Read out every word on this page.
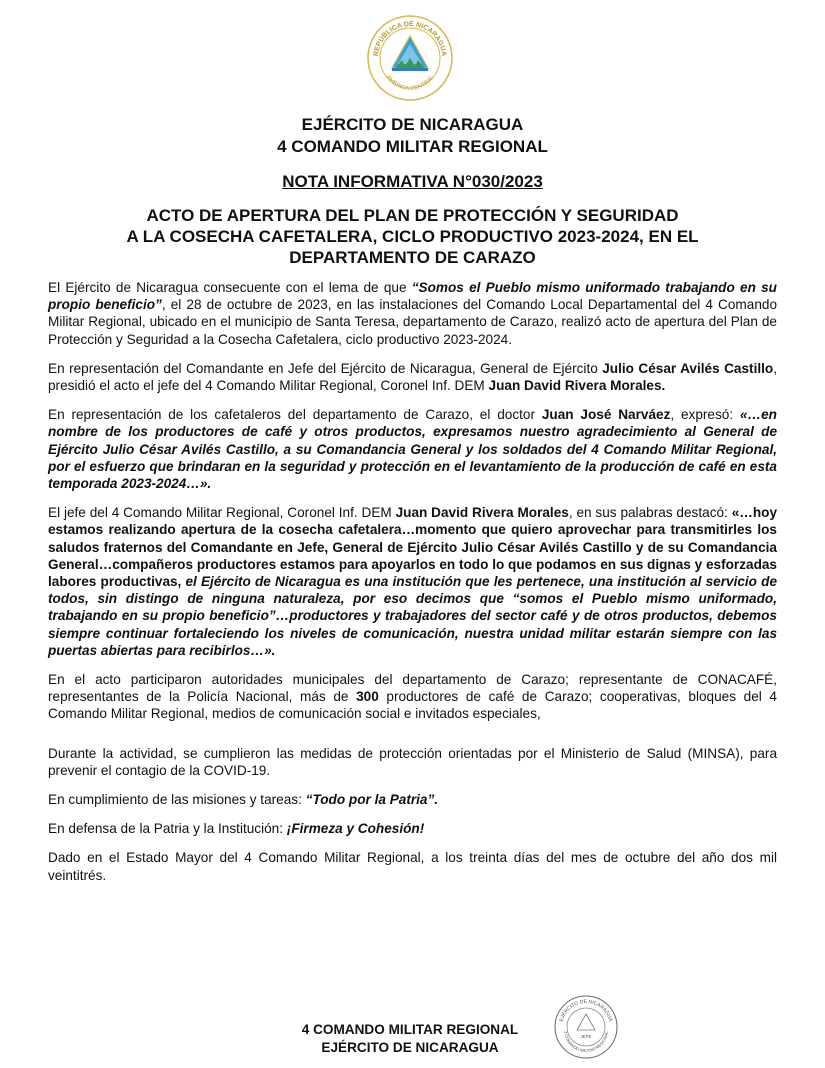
REPÚBLICA DE NICARAGUA
AMÉRICA CENTRAL
EJÉRCITO DE NICARAGUA
4 COMANDO MILITAR REGIONAL
NOTA INFORMATIVA N°030/2023
ACTO DE APERTURA DEL PLAN DE PROTECCIÓN Y SEGURIDAD
A LA COSECHA CAFETALERA, CICLO PRODUCTIVO 2023-2024, EN EL
DEPARTAMENTO DE CARAZO

El Ejército de Nicaragua consecuente con el lema de que “Somos el Pueblo mismo uniformado trabajando en su propio beneficio”, el 28 de octubre de 2023, en las instalaciones del Comando Local Departamental del 4 Comando Militar Regional, ubicado en el municipio de Santa Teresa, departamento de Carazo, realizó acto de apertura del Plan de Protección y Seguridad a la Cosecha Cafetalera, ciclo productivo 2023-2024.

En representación del Comandante en Jefe del Ejército de Nicaragua, General de Ejército Julio César Avilés Castillo, presidió el acto el jefe del 4 Comando Militar Regional, Coronel Inf. DEM Juan David Rivera Morales.

En representación de los cafetaleros del departamento de Carazo, el doctor Juan José Narváez, expresó: «…en nombre de los productores de café y otros productos, expresamos nuestro agradecimiento al General de Ejército Julio César Avilés Castillo, a su Comandancia General y los soldados del 4 Comando Militar Regional, por el esfuerzo que brindaran en la seguridad y protección en el levantamiento de la producción de café en esta temporada 2023-2024…».

El jefe del 4 Comando Militar Regional, Coronel Inf. DEM Juan David Rivera Morales, en sus palabras destacó: «…hoy estamos realizando apertura de la cosecha cafetalera…momento que quiero aprovechar para transmitirles los saludos fraternos del Comandante en Jefe, General de Ejército Julio César Avilés Castillo y de su Comandancia General…compañeros productores estamos para apoyarlos en todo lo que podamos en sus dignas y esforzadas labores productivas, el Ejército de Nicaragua es una institución que les pertenece, una institución al servicio de todos, sin distingo de ninguna naturaleza, por eso decimos que “somos el Pueblo mismo uniformado, trabajando en su propio beneficio”…productores y trabajadores del sector café y de otros productos, debemos siempre continuar fortaleciendo los niveles de comunicación, nuestra unidad militar estarán siempre con las puertas abiertas para recibirlos…».

En el acto participaron autoridades municipales del departamento de Carazo; representante de CONACAFÉ, representantes de la Policía Nacional, más de 300 productores de café de Carazo; cooperativas, bloques del 4 Comando Militar Regional, medios de comunicación social e invitados especiales,

Durante la actividad, se cumplieron las medidas de protección orientadas por el Ministerio de Salud (MINSA), para prevenir el contagio de la COVID-19.

En cumplimiento de las misiones y tareas: “Todo por la Patria”.

En defensa de la Patria y la Institución: ¡Firmeza y Cohesión!

Dado en el Estado Mayor del 4 Comando Militar Regional, a los treinta días del mes de octubre del año dos mil veintitrés.

4 COMANDO MILITAR REGIONAL
EJÉRCITO DE NICARAGUA
EJÉRCITO DE NICARAGUA
4 COMANDO MILITAR REGIONAL
JEFE
